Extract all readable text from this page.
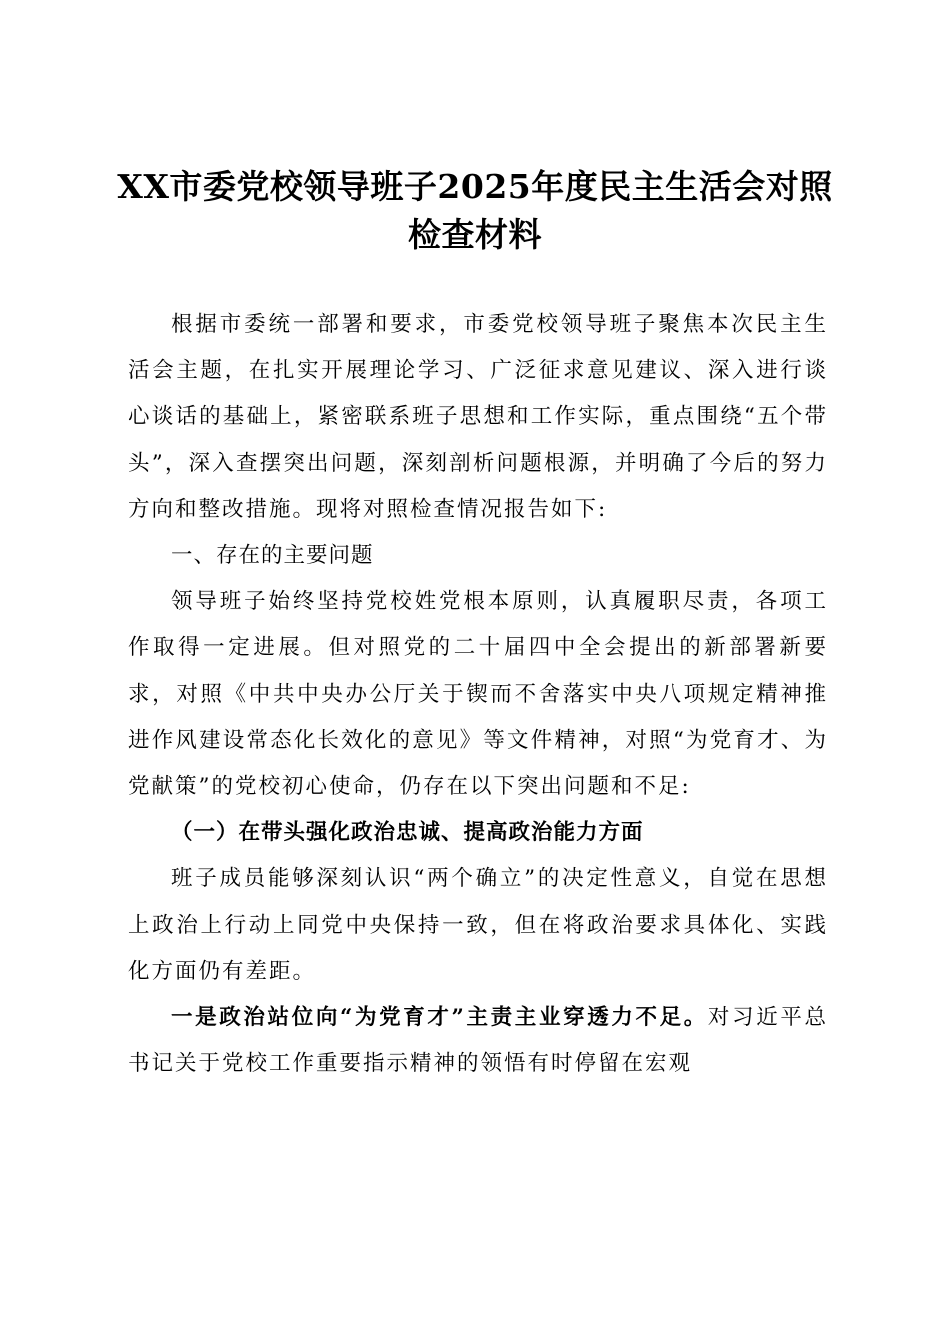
XX市委党校领导班子2025年度民主生活会对照检查材料

根据市委统一部署和要求，市委党校领导班子聚焦本次民主生活会主题，在扎实开展理论学习、广泛征求意见建议、深入进行谈心谈话的基础上，紧密联系班子思想和工作实际，重点围绕“五个带头”，深入查摆突出问题，深刻剖析问题根源，并明确了今后的努力方向和整改措施。现将对照检查情况报告如下:

一、存在的主要问题

领导班子始终坚持党校姓党根本原则，认真履职尽责，各项工作取得一定进展。但对照党的二十届四中全会提出的新部署新要求，对照《中共中央办公厅关于锲而不舍落实中央八项规定精神推进作风建设常态化长效化的意见》等文件精神，对照“为党育才、为党献策”的党校初心使命，仍存在以下突出问题和不足:

（一）在带头强化政治忠诚、提高政治能力方面

班子成员能够深刻认识“两个确立”的决定性意义，自觉在思想上政治上行动上同党中央保持一致，但在将政治要求具体化、实践化方面仍有差距。

一是政治站位向“为党育才”主责主业穿透力不足。对习近平总书记关于党校工作重要指示精神的领悟有时停留在宏观
